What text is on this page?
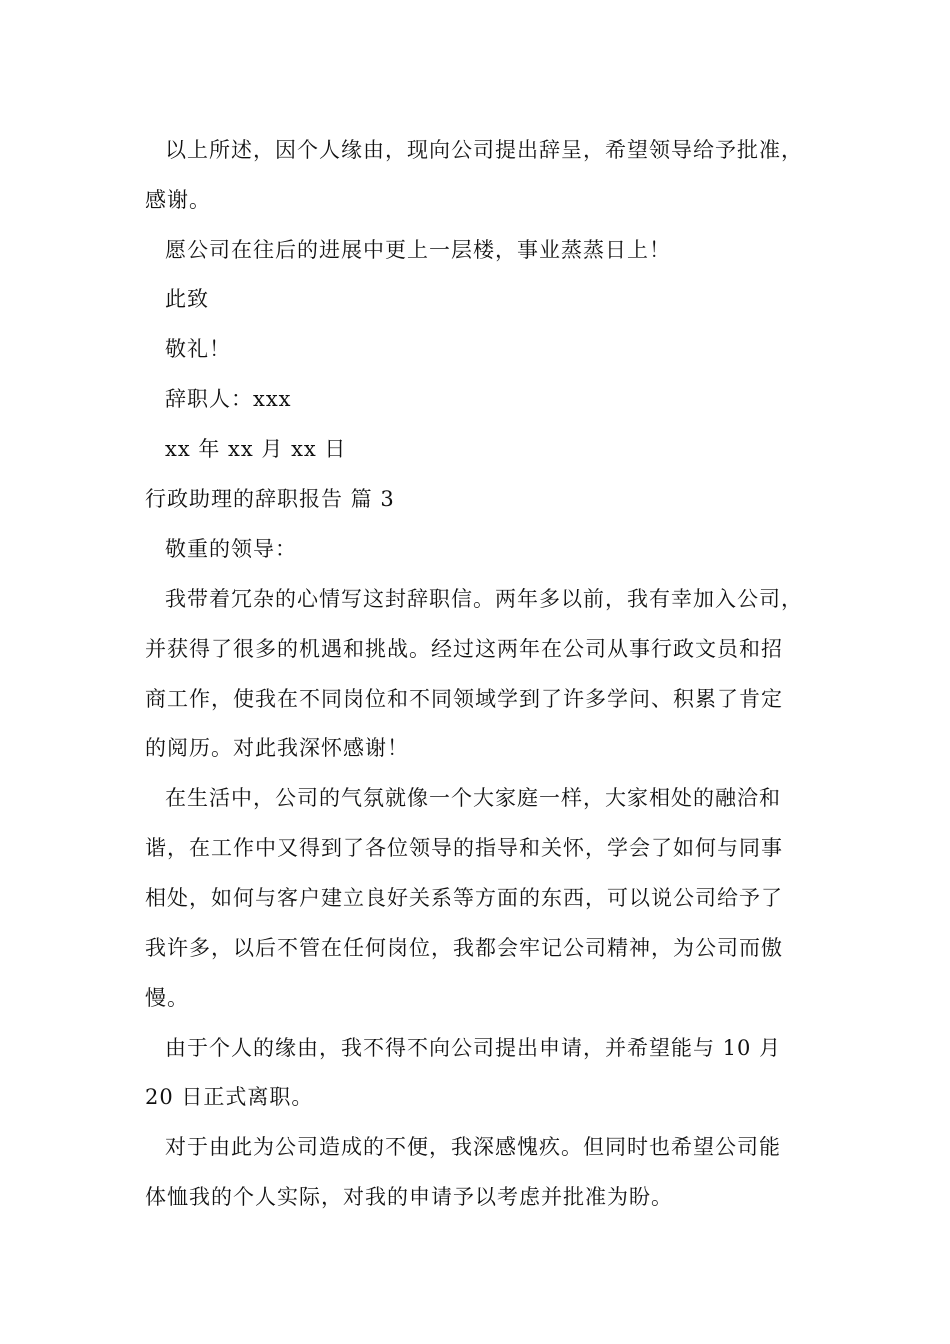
以上所述，因个人缘由，现向公司提出辞呈，希望领导给予批准，
感谢。
愿公司在往后的进展中更上一层楼，事业蒸蒸日上！
此致
敬礼！
辞职人：xxx
xx 年 xx 月 xx 日
行政助理的辞职报告 篇 3
敬重的领导：
我带着冗杂的心情写这封辞职信。两年多以前，我有幸加入公司，
并获得了很多的机遇和挑战。经过这两年在公司从事行政文员和招
商工作，使我在不同岗位和不同领域学到了许多学问、积累了肯定
的阅历。对此我深怀感谢！
在生活中，公司的气氛就像一个大家庭一样，大家相处的融洽和
谐，在工作中又得到了各位领导的指导和关怀，学会了如何与同事
相处，如何与客户建立良好关系等方面的东西，可以说公司给予了
我许多，以后不管在任何岗位，我都会牢记公司精神，为公司而傲
慢。
由于个人的缘由，我不得不向公司提出申请，并希望能与 10 月
20 日正式离职。
对于由此为公司造成的不便，我深感愧疚。但同时也希望公司能
体恤我的个人实际，对我的申请予以考虑并批准为盼。
